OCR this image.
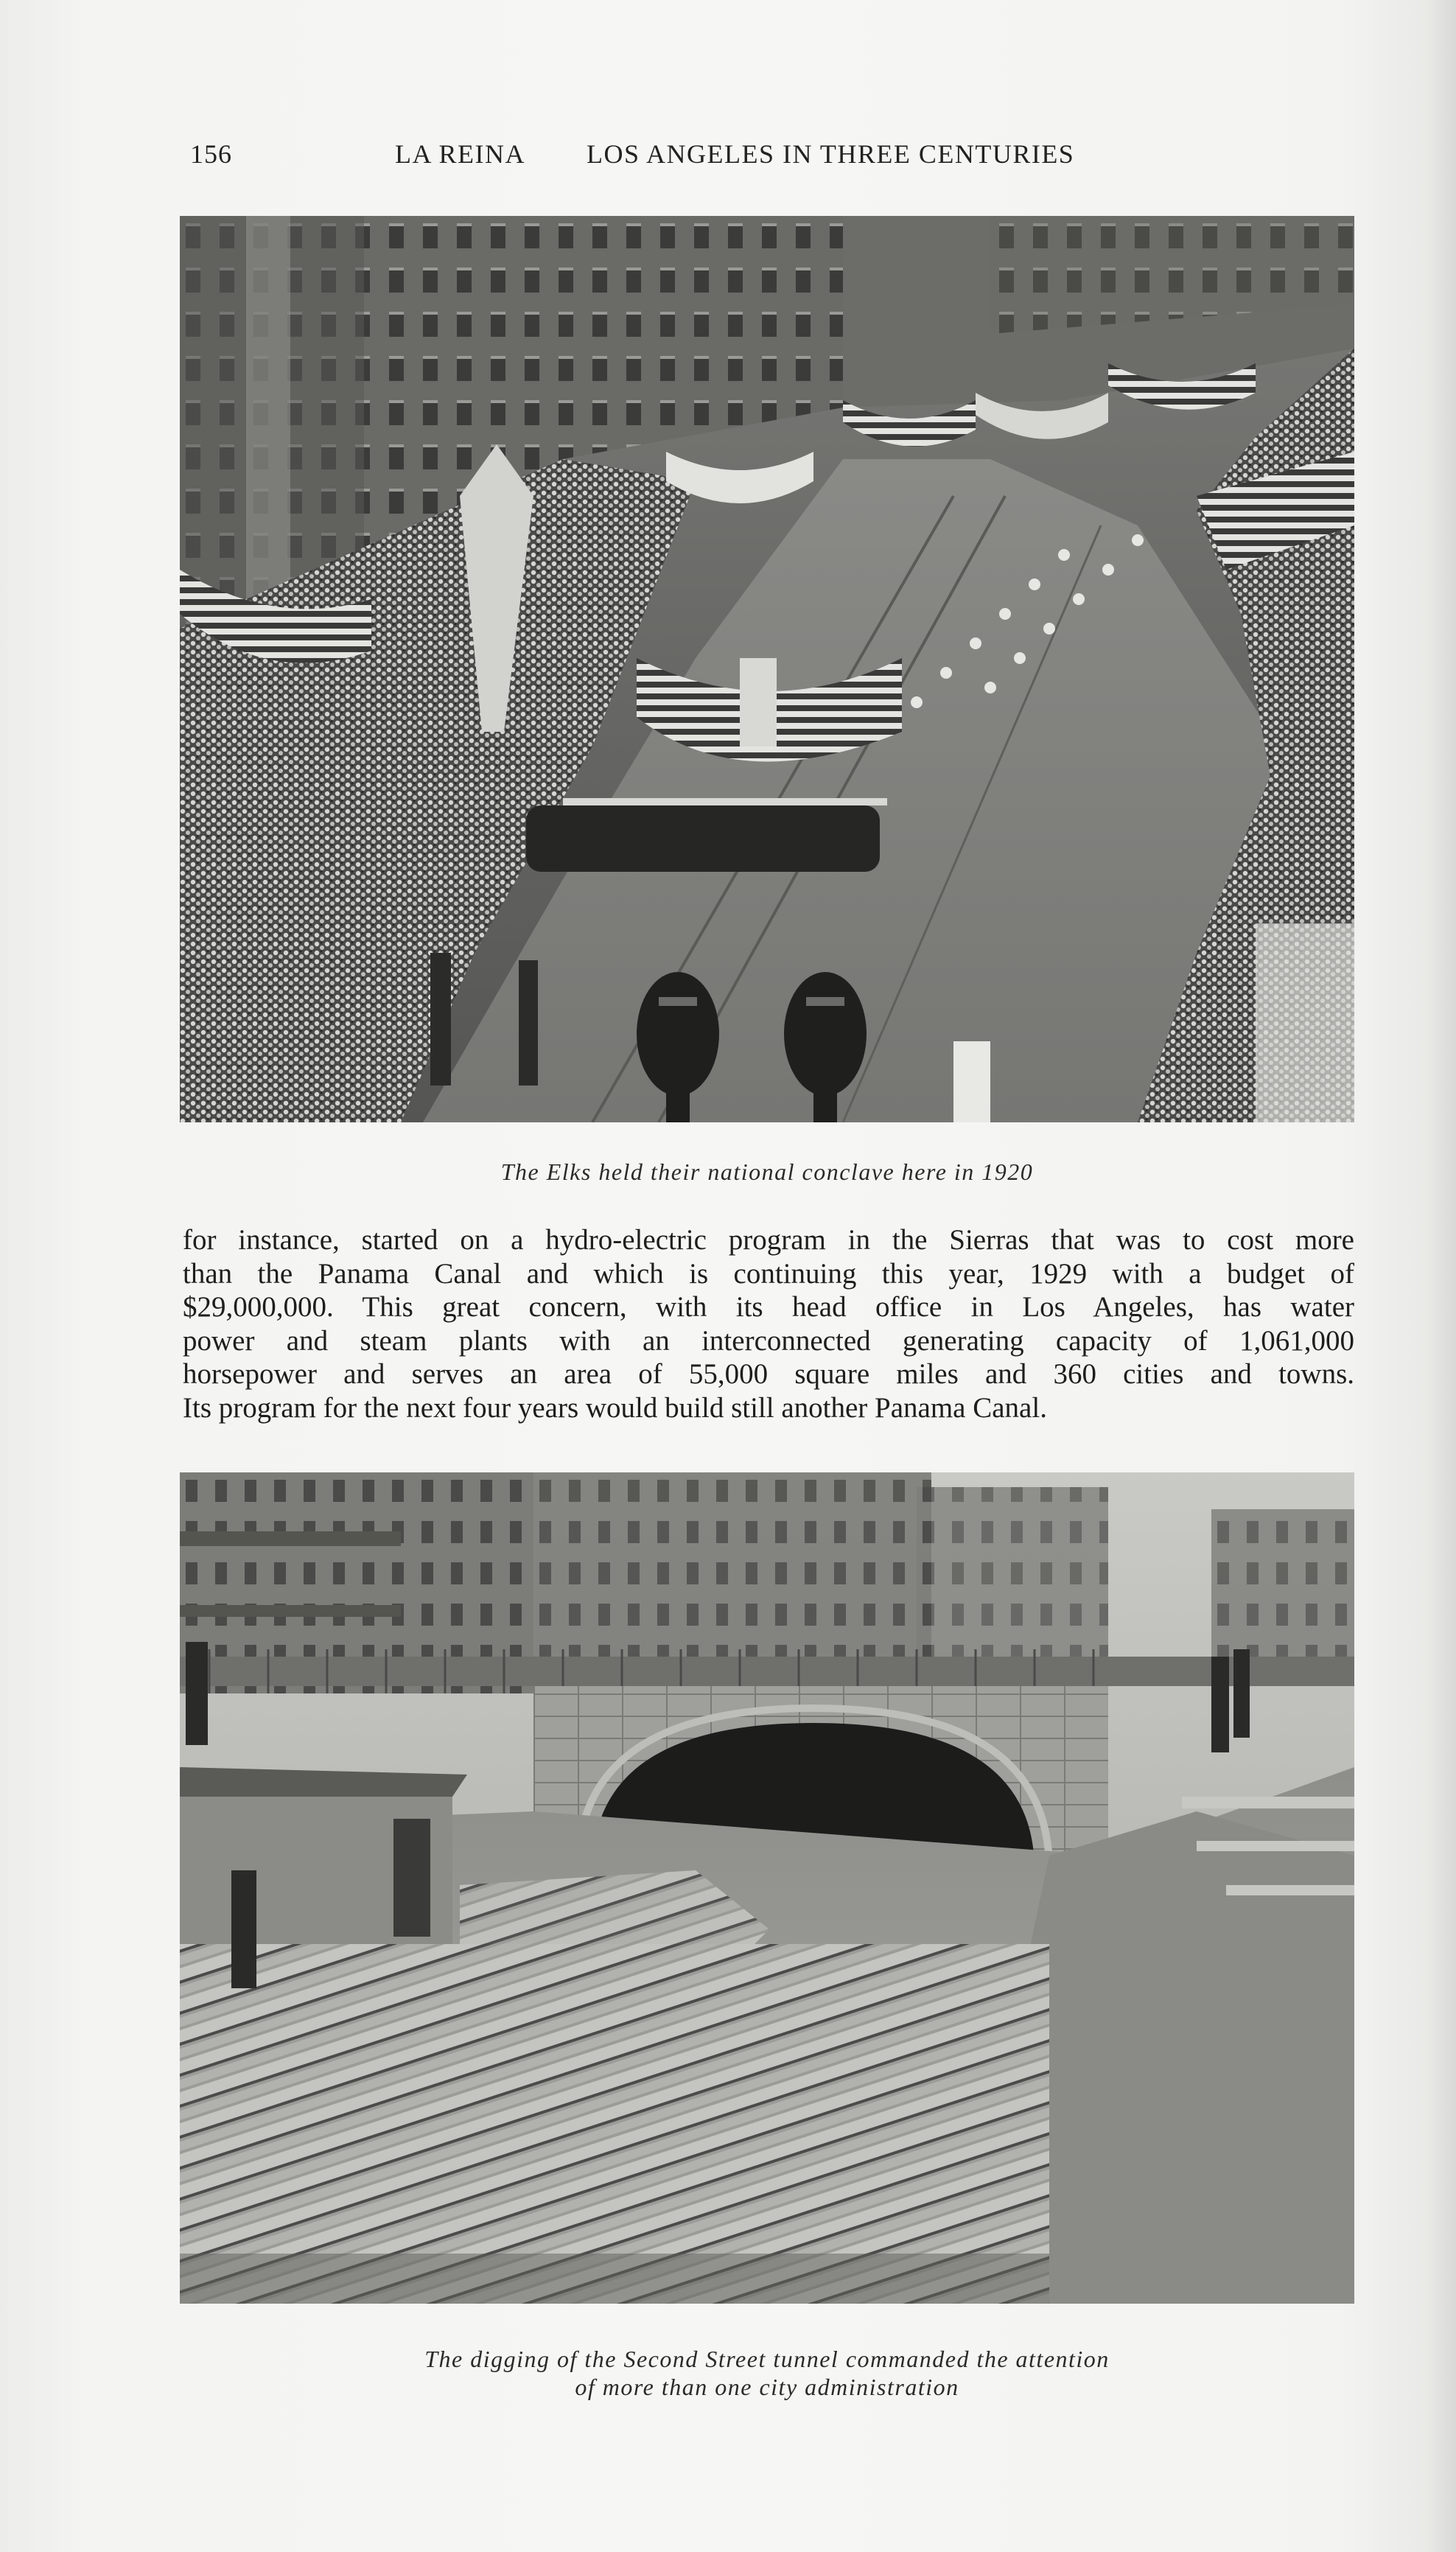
156	LA REINA LOS ANGELES IN THREE CENTURIES
The Elks held their national conclave here in 1920
for instance, started on a hydro-electric program in the Sierras that was to cost more
than the Panama Canal and which is continuing this year, 1929 with a budget of
$29,000,000. This great concern, with its head office in Los Angeles, has water
power and steam plants with an interconnected generating capacity of 1,061,000
horsepower and serves an area of 55,000 square miles and 360 cities and towns.
Its program for the next four years would build still another Panama Canal.
The digging of the Second Street tunnel commanded the attention
of more than one city administration
